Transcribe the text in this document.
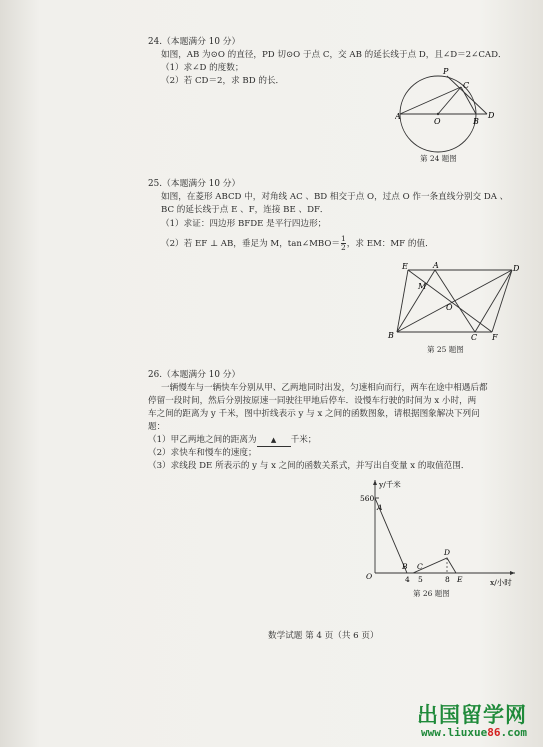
24.（本题满分 10 分）
如图，AB 为⊙O 的直径，PD 切⊙O 于点 C，交 AB 的延长线于点 D，且∠D＝2∠CAD．
（1）求∠D 的度数；
（2）若 CD＝2，求 BD 的长．
P
C
A
O	B
D
第 24 题图
25.（本题满分 10 分）
如图，在菱形 ABCD 中，对角线 AC 、BD 相交于点 O，过点 O 作一条直线分别交 DA 、
BC 的延长线于点 E 、F，连接 BE 、DF．
（1）求证：四边形 BFDE 是平行四边形；
（2）若 EF ⊥ AB，垂足为 M，tan∠MBO＝ $\frac{1}{2}$ ，求 EM：MF 的值．
E	A	D
M
O
B	C F
第 25 题图
26.（本题满分 10 分）
一辆慢车与一辆快车分别从甲、乙两地同时出发，匀速相向而行，两车在途中相遇后都
停留一段时间，然后分别按原速一同驶往甲地后停车．设慢车行驶的时间为 x 小时，两
车之间的距离为 y 千米，图中折线表示 y 与 x 之间的函数图象，请根据图象解决下列问
题：
（1）甲乙两地之间的距离为 ▲ 千米；
（2）求快车和慢车的速度；
（3）求线段 DE 所表示的 y 与 x 之间的函数关系式，并写出自变量 x 的取值范围．
y/千米
x/小时
O
560
A
B C
D
E
4 5	8
第 26 题图
数学试题 第 4 页（共 6 页）
出国留学网
www.liuxue86.com
